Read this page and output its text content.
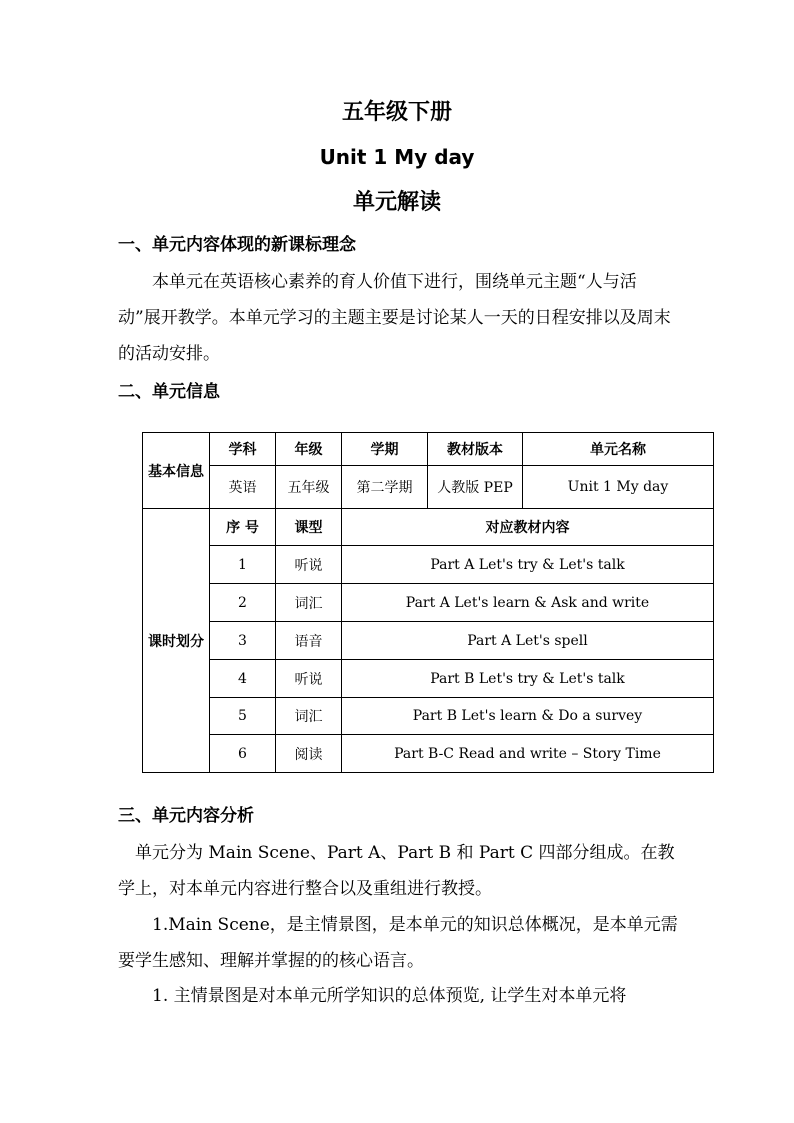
五年级下册
Unit 1 My day
单元解读
一、单元内容体现的新课标理念
本单元在英语核心素养的育人价值下进行，围绕单元主题“人与活动”展开教学。本单元学习的主题主要是讨论某人一天的日程安排以及周末的活动安排。
二、单元信息
基本信息	学科	年级	学期	教材版本	单元名称
	英语	五年级	第二学期	人教版 PEP	Unit 1 My day
课时划分	序 号	课型	对应教材内容		
	1	听说	Part A Let's try & Let's talk		
	2	词汇	Part A Let's learn & Ask and write		
	3	语音	Part A Let's spell		
	4	听说	Part B Let's try & Let's talk		
	5	词汇	Part B Let's learn & Do a survey		
	6	阅读	Part B-C Read and write – Story Time		
三、单元内容分析
单元分为 Main Scene、Part A、Part B 和 Part C 四部分组成。在教学上，对本单元内容进行整合以及重组进行教授。
1.Main Scene，是主情景图，是本单元的知识总体概况，是本单元需要学生感知、理解并掌握的的核心语言。
1. 主情景图是对本单元所学知识的总体预览, 让学生对本单元将
